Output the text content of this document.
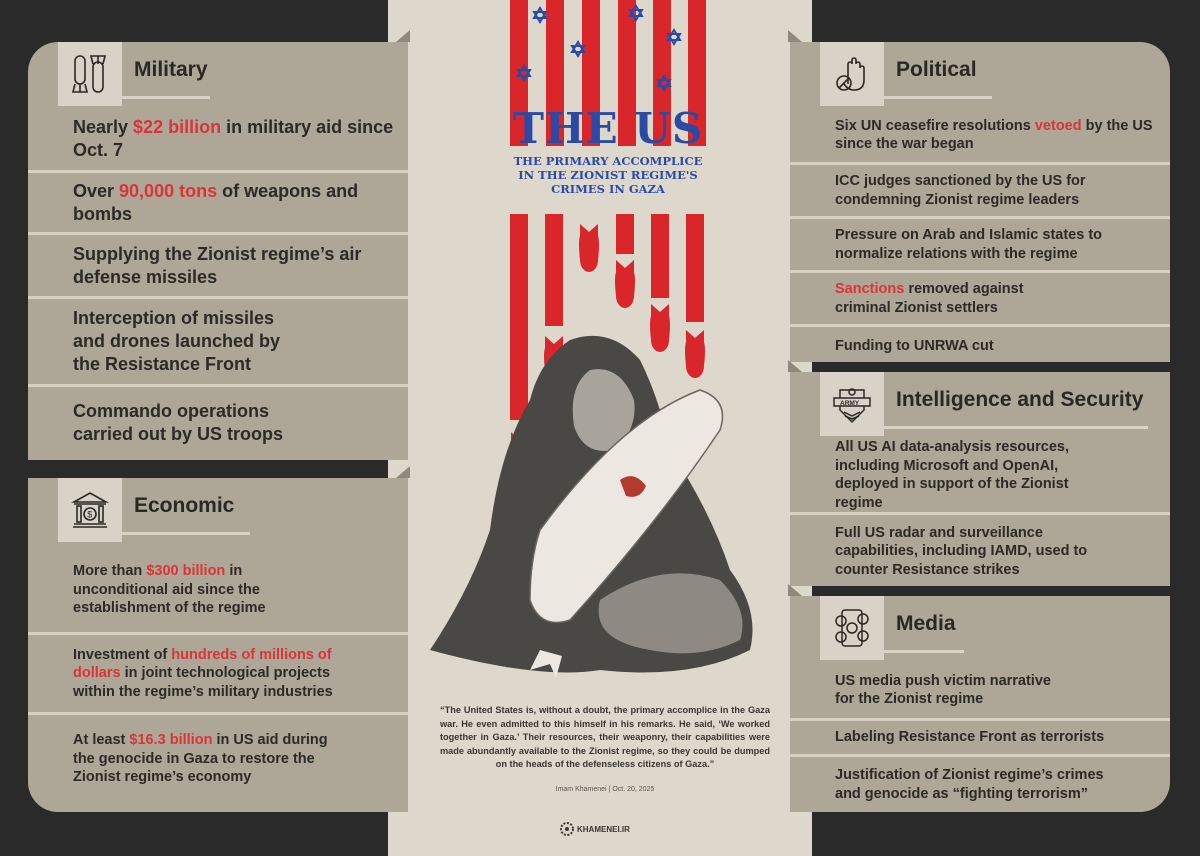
THE US
THE PRIMARY ACCOMPLICE
IN THE ZIONIST REGIME'S
CRIMES IN GAZA
“The United States is, without a doubt, the primary accomplice in the Gaza war. He even admitted to this himself in his remarks. He said, ‘We worked together in Gaza.’ Their resources, their weaponry, their capabilities were made abundantly available to the Zionist regime, so they could be dumped on the heads of the defenseless citizens of Gaza.”
Imam Khamenei | Oct. 20, 2025
KHAMENEI.IR
Military
Nearly $22 billion in military aid since Oct. 7
Over 90,000 tons of weapons and bombs
Supplying the Zionist regime’s air defense missiles
Interception of missiles and drones launched by the Resistance Front
Commando operations carried out by US troops
$ Economic
More than $300 billion in unconditional aid since the establishment of the regime
Investment of hundreds of millions of dollars in joint technological projects within the regime’s military industries
At least $16.3 billion in US aid during the genocide in Gaza to restore the Zionist regime’s economy
Political
Six UN ceasefire resolutions vetoed by the US since the war began
ICC judges sanctioned by the US for condemning Zionist regime leaders
Pressure on Arab and Islamic states to normalize relations with the regime
Sanctions removed against criminal Zionist settlers
Funding to UNRWA cut
ARMY Intelligence and Security
All US AI data-analysis resources, including Microsoft and OpenAI, deployed in support of the Zionist regime
Full US radar and surveillance capabilities, including IAMD, used to counter Resistance strikes
Media
US media push victim narrative for the Zionist regime
Labeling Resistance Front as terrorists
Justification of Zionist regime’s crimes and genocide as “fighting terrorism”
